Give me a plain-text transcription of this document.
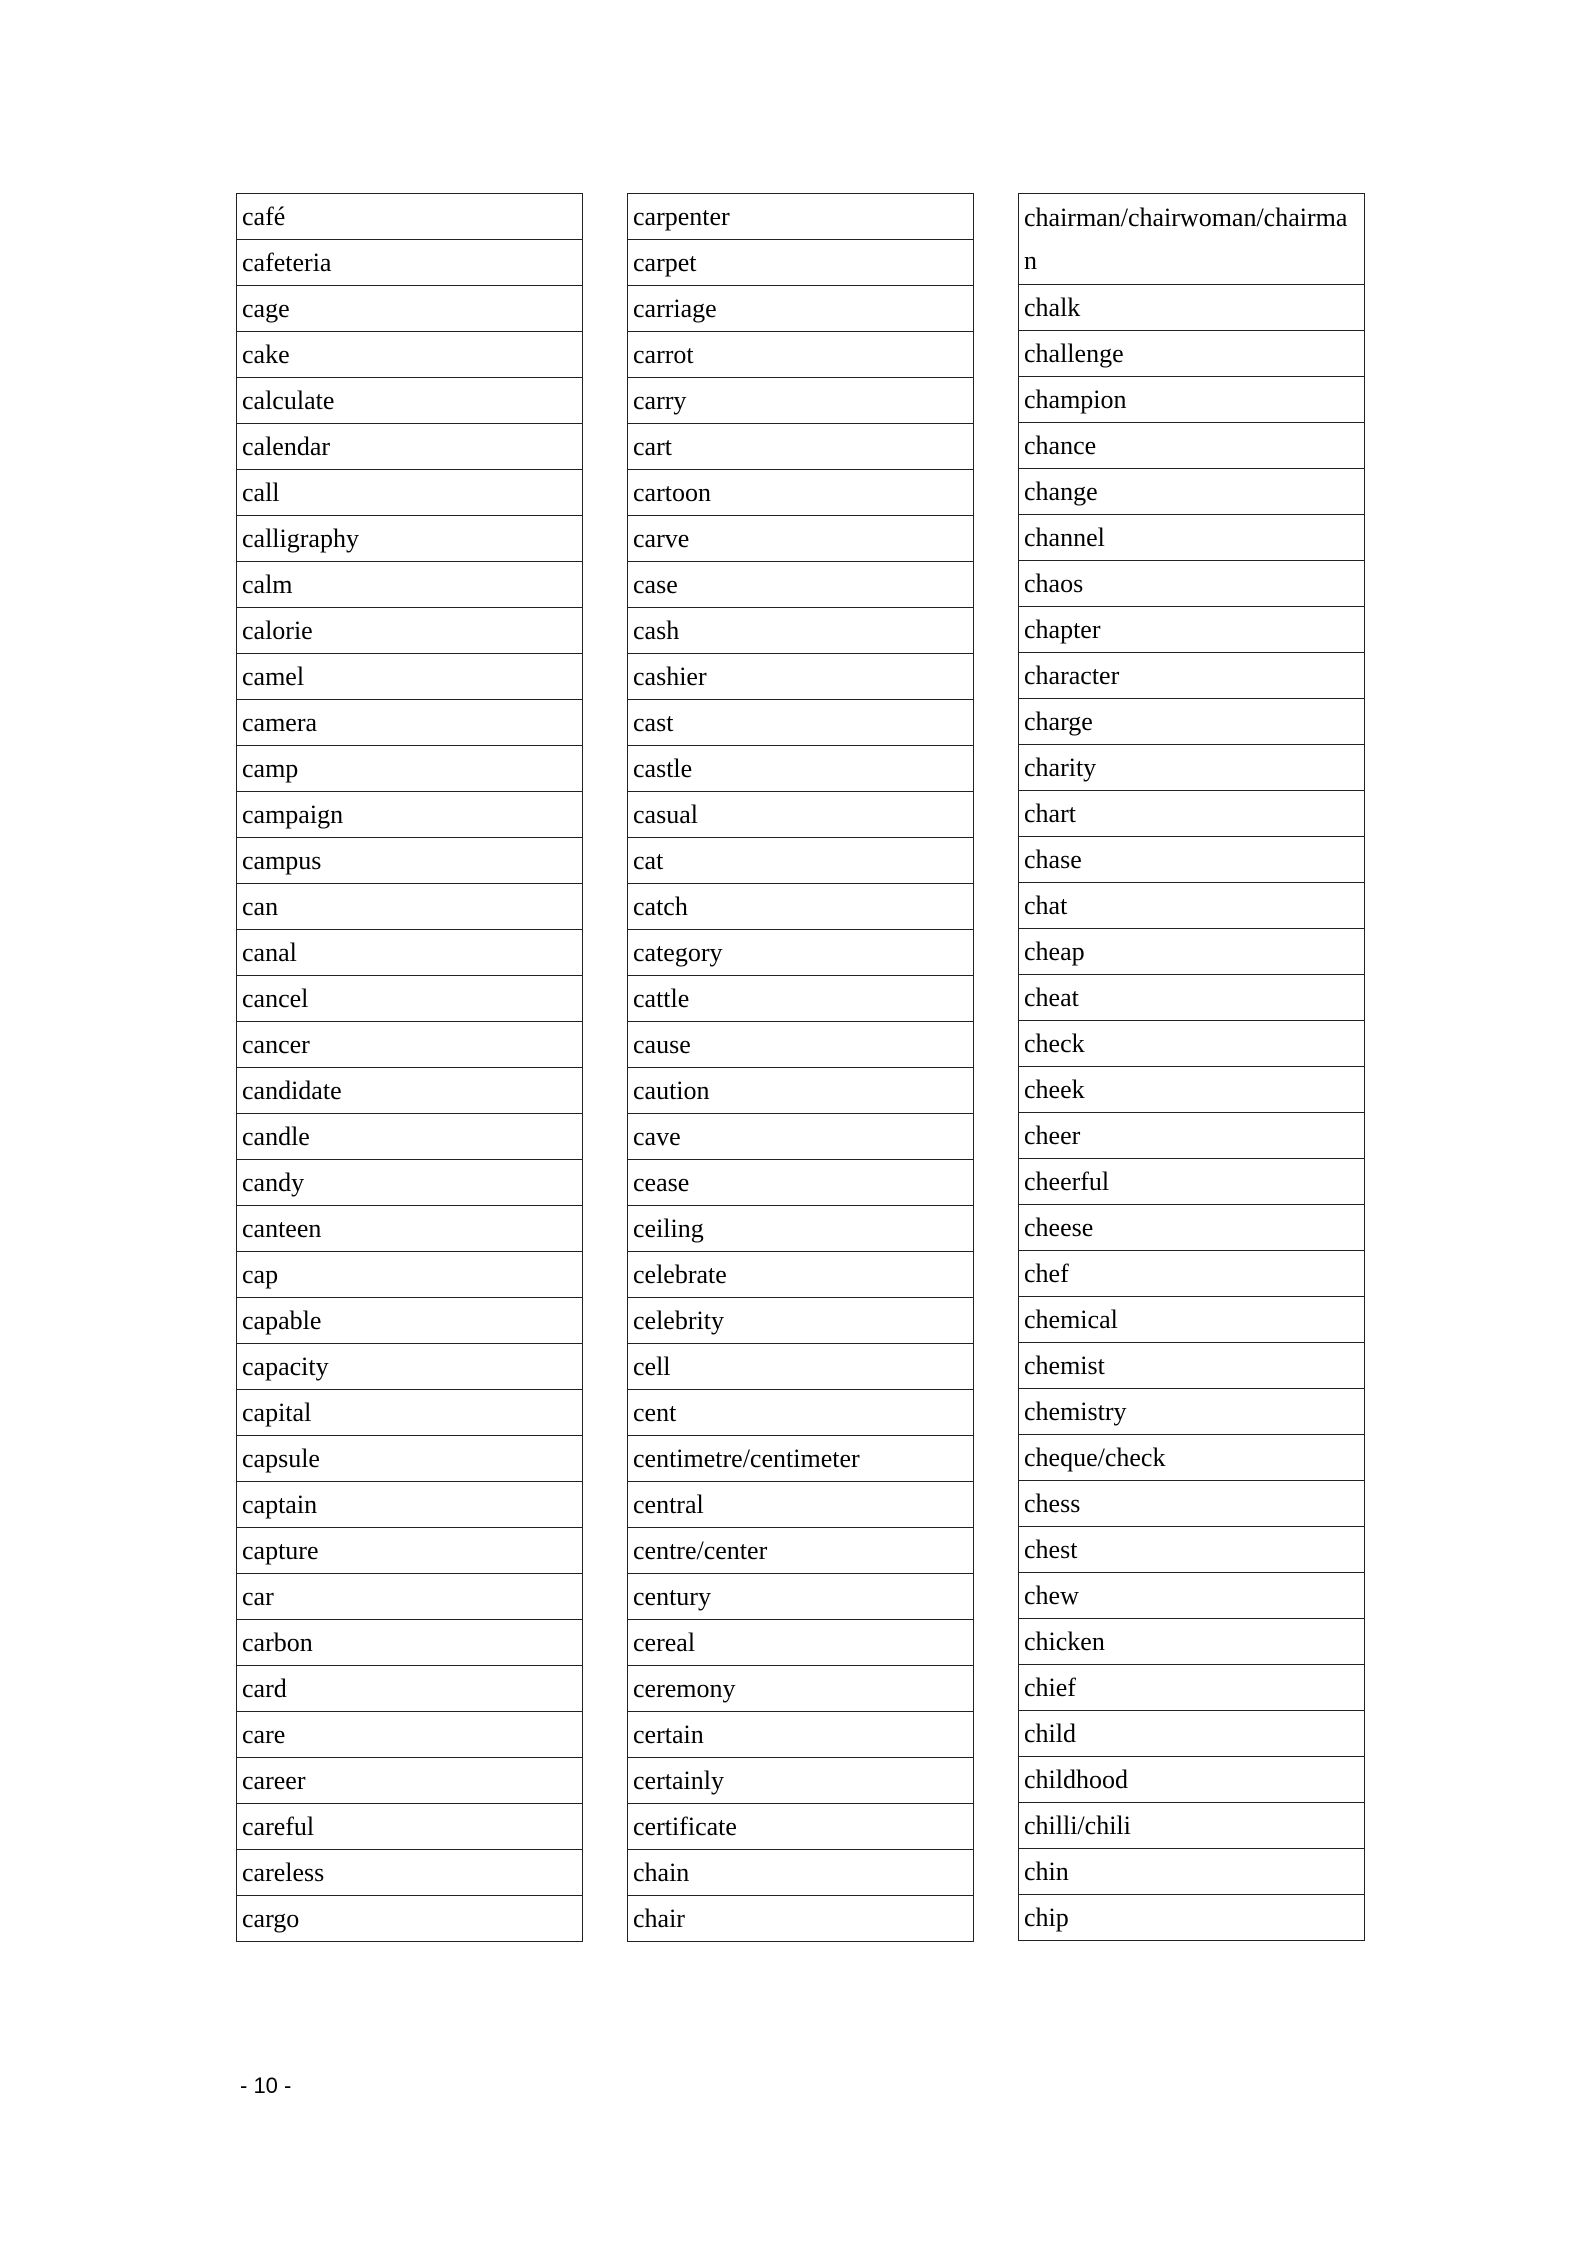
café
cafeteria
cage
cake
calculate
calendar
call
calligraphy
calm
calorie
camel
camera
camp
campaign
campus
can
canal
cancel
cancer
candidate
candle
candy
canteen
cap
capable
capacity
capital
capsule
captain
capture
car
carbon
card
care
career
careful
careless
cargo
carpenter
carpet
carriage
carrot
carry
cart
cartoon
carve
case
cash
cashier
cast
castle
casual
cat
catch
category
cattle
cause
caution
cave
cease
ceiling
celebrate
celebrity
cell
cent
centimetre/centimeter
central
centre/center
century
cereal
ceremony
certain
certainly
certificate
chain
chair
chairman/chairwoman/chairman
chalk
challenge
champion
chance
change
channel
chaos
chapter
character
charge
charity
chart
chase
chat
cheap
cheat
check
cheek
cheer
cheerful
cheese
chef
chemical
chemist
chemistry
cheque/check
chess
chest
chew
chicken
chief
child
childhood
chilli/chili
chin
chip
- 10 -
